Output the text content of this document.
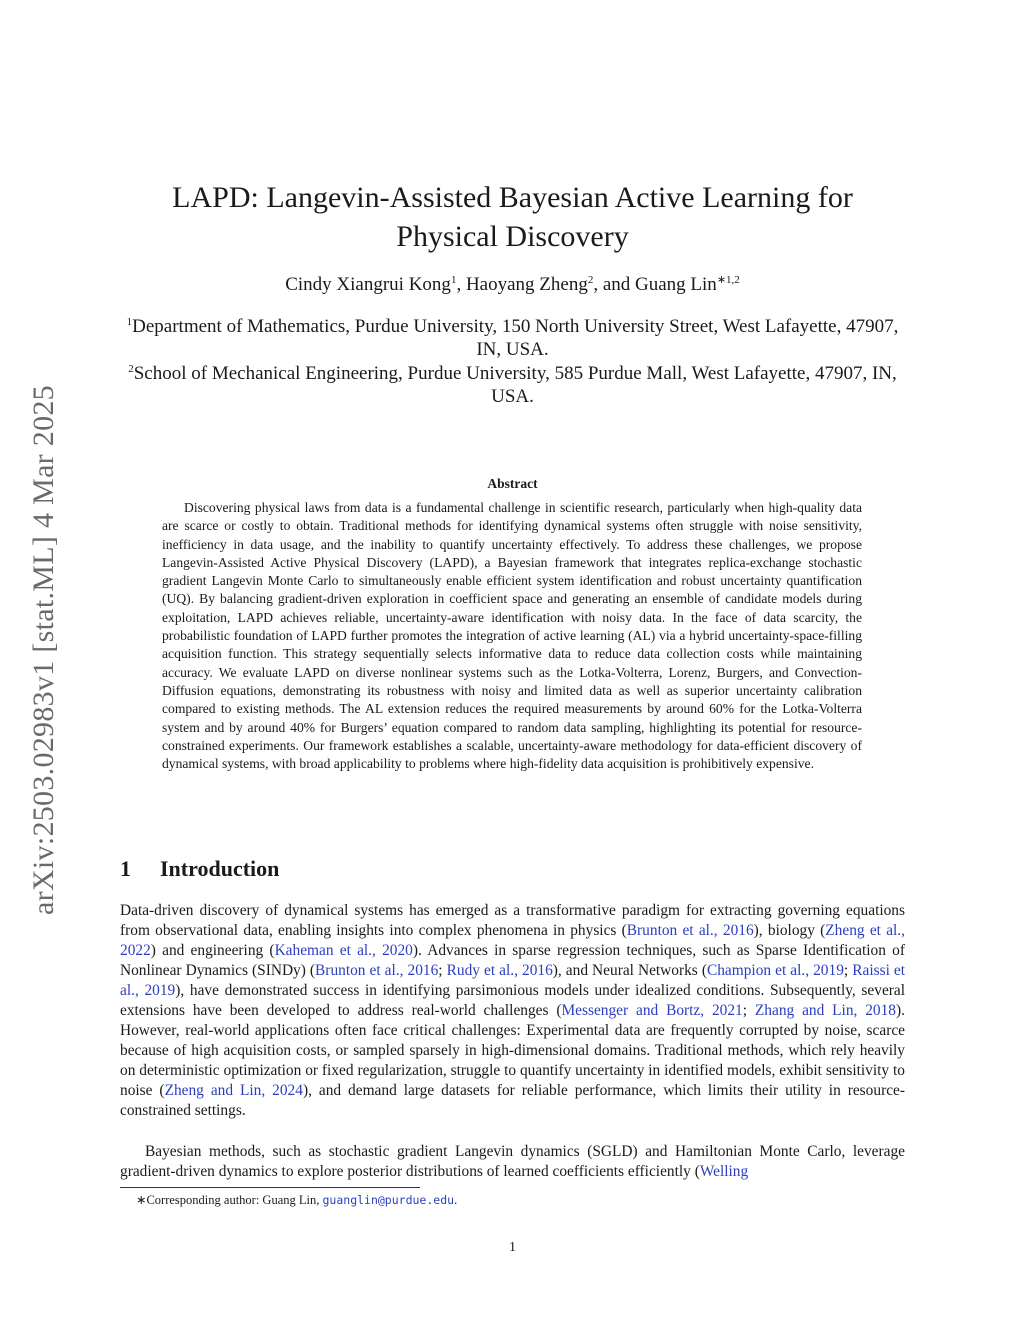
arXiv:2503.02983v1 [stat.ML] 4 Mar 2025
LAPD: Langevin-Assisted Bayesian Active Learning for Physical Discovery
Cindy Xiangrui Kong$^1$, Haoyang Zheng$^2$, and Guang Lin$^{∗1,2}$
$^1$Department of Mathematics, Purdue University, 150 North University Street, West Lafayette, 47907, IN, USA.
$^2$School of Mechanical Engineering, Purdue University, 585 Purdue Mall, West Lafayette, 47907, IN, USA.
Abstract

Discovering physical laws from data is a fundamental challenge in scientific research, particularly when high-quality data are scarce or costly to obtain. Traditional methods for identifying dynamical systems often struggle with noise sensitivity, inefficiency in data usage, and the inability to quantify uncertainty effectively. To address these challenges, we propose Langevin-Assisted Active Physical Discovery (LAPD), a Bayesian framework that integrates replica-exchange stochastic gradient Langevin Monte Carlo to simultaneously enable efficient system identification and robust uncertainty quantification (UQ). By balancing gradient-driven exploration in coefficient space and generating an ensemble of candidate models during exploitation, LAPD achieves reliable, uncertainty-aware identification with noisy data. In the face of data scarcity, the probabilistic foundation of LAPD further promotes the integration of active learning (AL) via a hybrid uncertainty-space-filling acquisition function. This strategy sequentially selects informative data to reduce data collection costs while maintaining accuracy. We evaluate LAPD on diverse nonlinear systems such as the Lotka-Volterra, Lorenz, Burgers, and Convection-Diffusion equations, demonstrating its robustness with noisy and limited data as well as superior uncertainty calibration compared to existing methods. The AL extension reduces the required measurements by around 60% for the Lotka-Volterra system and by around 40% for Burgers’ equation compared to random data sampling, highlighting its potential for resource-constrained experiments. Our framework establishes a scalable, uncertainty-aware methodology for data-efficient discovery of dynamical systems, with broad applicability to problems where high-fidelity data acquisition is prohibitively expensive.

1 Introduction

Data-driven discovery of dynamical systems has emerged as a transformative paradigm for extracting governing equations from observational data, enabling insights into complex phenomena in physics (Brunton et al., 2016), biology (Zheng et al., 2022) and engineering (Kaheman et al., 2020). Advances in sparse regression techniques, such as Sparse Identification of Nonlinear Dynamics (SINDy) (Brunton et al., 2016; Rudy et al., 2016), and Neural Networks (Champion et al., 2019; Raissi et al., 2019), have demonstrated success in identifying parsimonious models under idealized conditions. Subsequently, several extensions have been developed to address real-world challenges (Messenger and Bortz, 2021; Zhang and Lin, 2018). However, real-world applications often face critical challenges: Experimental data are frequently corrupted by noise, scarce because of high acquisition costs, or sampled sparsely in high-dimensional domains. Traditional methods, which rely heavily on deterministic optimization or fixed regularization, struggle to quantify uncertainty in identified models, exhibit sensitivity to noise (Zheng and Lin, 2024), and demand large datasets for reliable performance, which limits their utility in resource-constrained settings.

Bayesian methods, such as stochastic gradient Langevin dynamics (SGLD) and Hamiltonian Monte Carlo, leverage gradient-driven dynamics to explore posterior distributions of learned coefficients efficiently (Welling

∗Corresponding author: Guang Lin, guanglin@purdue.edu.
1
